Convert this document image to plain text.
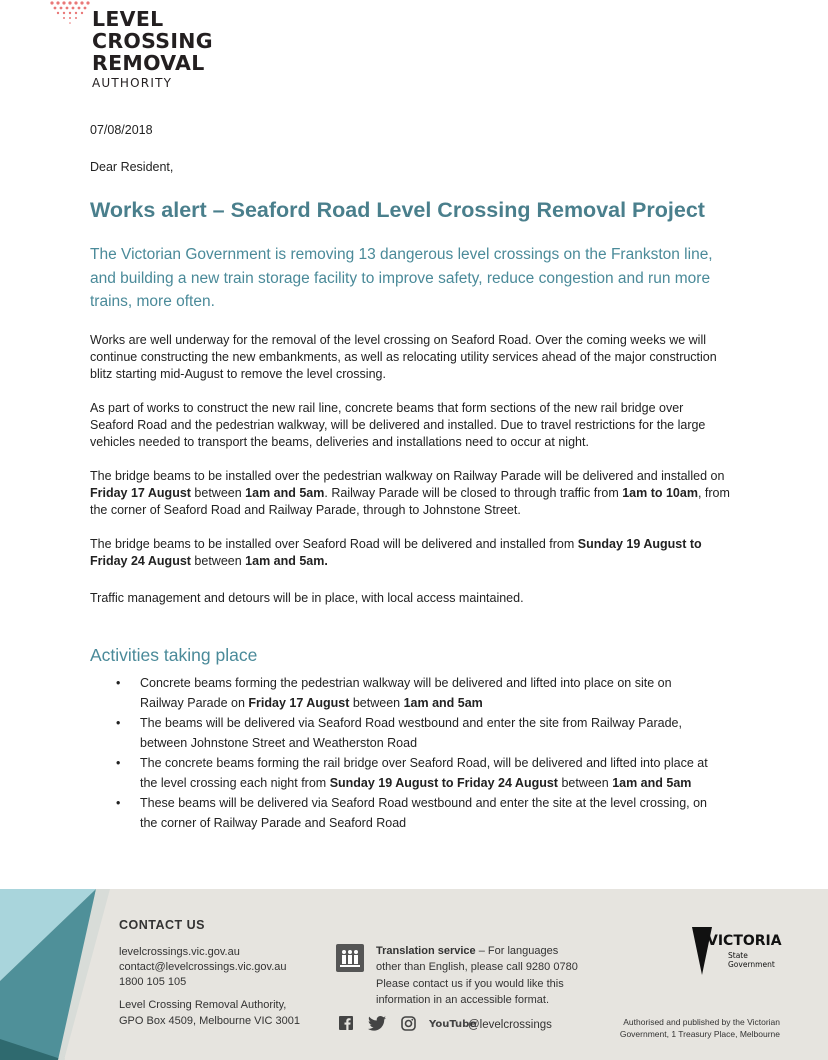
LEVEL
CROSSING
REMOVAL
AUTHORITY
07/08/2018
Dear Resident,
Works alert – Seaford Road Level Crossing Removal Project
The Victorian Government is removing 13 dangerous level crossings on the Frankston line, and building a new train storage facility to improve safety, reduce congestion and run more trains, more often.
Works are well underway for the removal of the level crossing on Seaford Road. Over the coming weeks we will continue constructing the new embankments, as well as relocating utility services ahead of the major construction blitz starting mid-August to remove the level crossing.
As part of works to construct the new rail line, concrete beams that form sections of the new rail bridge over Seaford Road and the pedestrian walkway, will be delivered and installed. Due to travel restrictions for the large vehicles needed to transport the beams, deliveries and installations need to occur at night.
The bridge beams to be installed over the pedestrian walkway on Railway Parade will be delivered and installed on Friday 17 August between 1am and 5am. Railway Parade will be closed to through traffic from 1am to 10am, from the corner of Seaford Road and Railway Parade, through to Johnstone Street.
The bridge beams to be installed over Seaford Road will be delivered and installed from Sunday 19 August to Friday 24 August between 1am and 5am.
Traffic management and detours will be in place, with local access maintained.
Activities taking place
• Concrete beams forming the pedestrian walkway will be delivered and lifted into place on site on Railway Parade on Friday 17 August between 1am and 5am
• The beams will be delivered via Seaford Road westbound and enter the site from Railway Parade, between Johnstone Street and Weatherston Road
• The concrete beams forming the rail bridge over Seaford Road, will be delivered and lifted into place at the level crossing each night from Sunday 19 August to Friday 24 August between 1am and 5am
• These beams will be delivered via Seaford Road westbound and enter the site at the level crossing, on the corner of Railway Parade and Seaford Road
CONTACT US
levelcrossings.vic.gov.au
contact@levelcrossings.vic.gov.au
1800 105 105
Level Crossing Removal Authority,
GPO Box 4509, Melbourne VIC 3001
Translation service – For languages
other than English, please call 9280 0780
Please contact us if you would like this
information in an accessible format.
YouTube
@levelcrossings
VICTORIA
State
Government
Authorised and published by the Victorian
Government, 1 Treasury Place, Melbourne
